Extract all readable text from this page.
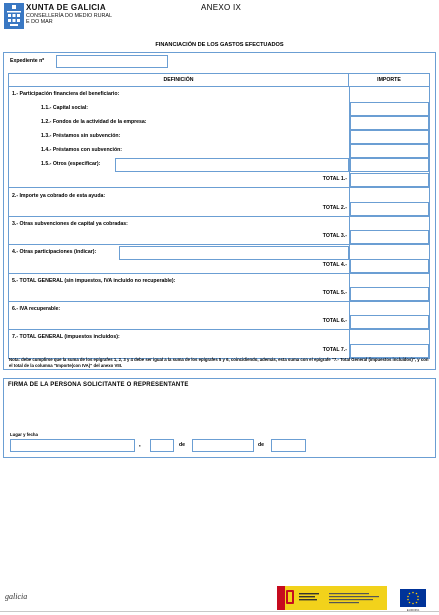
XUNTA DE GALICIA
CONSELLERÍA DO MEDIO RURAL
E DO MAR
ANEXO IX
FINANCIACIÓN DE LOS GASTOS EFECTUADOS
Expediente nº
DEFINICIÓN	IMPORTE
1.- Participación financiera del beneficiario:
1.1.- Capital social:
1.2.- Fondos de la actividad de la empresa:
1.3.- Préstamos sin subvención:
1.4.- Préstamos con subvención:
1.5.- Otros (especificar):
TOTAL 1.-
2.- Importe ya cobrado de esta ayuda:
TOTAL 2.-
3.- Otras subvenciones de capital ya cobradas:
TOTAL 3.-
4.- Otras participaciones (indicar):
TOTAL 4.-
5.- TOTAL GENERAL (sin impuestos, IVA incluido no recuperable):
TOTAL 5.-
6.- IVA recuperable:
TOTAL 6.-
7.- TOTAL GENERAL (impuestos incluidos):
TOTAL 7.-
Nota: debe cumplirse que la suma de los epígrafes 1, 2, 3 y 4 debe ser igual a la suma de los epígrafes 5 y 6, coincidiendo, además, esta suma con el epígrafe "7.- Total General (impuestos incluidos)", y con el total de la columna "Importe(con IVA)" del anexo VIII.
FIRMA DE LA PERSONA SOLICITANTE O REPRESENTANTE
Lugar y fecha
,	de	de
galicia
EUROPA
